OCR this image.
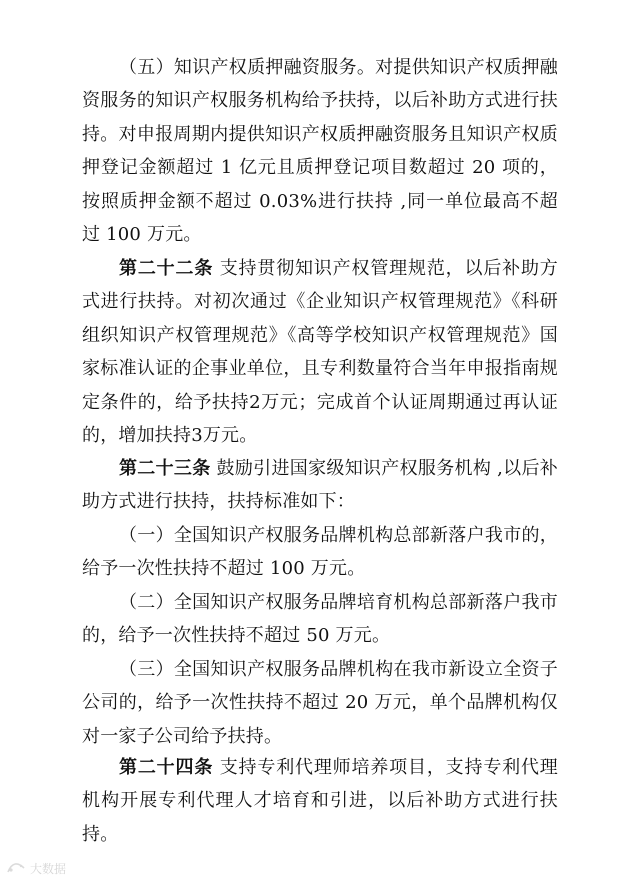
（五）知识产权质押融资服务。对提供知识产权质押融资服务的知识产权服务机构给予扶持，以后补助方式进行扶持。对申报周期内提供知识产权质押融资服务且知识产权质押登记金额超过 1 亿元且质押登记项目数超过 20 项的，按照质押金额不超过 0.03%进行扶持 ,同一单位最高不超过 100 万元。

第二十二条 支持贯彻知识产权管理规范，以后补助方式进行扶持。对初次通过《企业知识产权管理规范》《科研组织知识产权管理规范》《高等学校知识产权管理规范》国家标准认证的企事业单位，且专利数量符合当年申报指南规定条件的，给予扶持2万元；完成首个认证周期通过再认证的，增加扶持3万元。

第二十三条 鼓励引进国家级知识产权服务机构 ,以后补助方式进行扶持，扶持标准如下：

（一）全国知识产权服务品牌机构总部新落户我市的，给予一次性扶持不超过 100 万元。

（二）全国知识产权服务品牌培育机构总部新落户我市的，给予一次性扶持不超过 50 万元。

（三）全国知识产权服务品牌机构在我市新设立全资子公司的，给予一次性扶持不超过 20 万元，单个品牌机构仅对一家子公司给予扶持。

第二十四条 支持专利代理师培养项目，支持专利代理机构开展专利代理人才培育和引进，以后补助方式进行扶持。

大数据
